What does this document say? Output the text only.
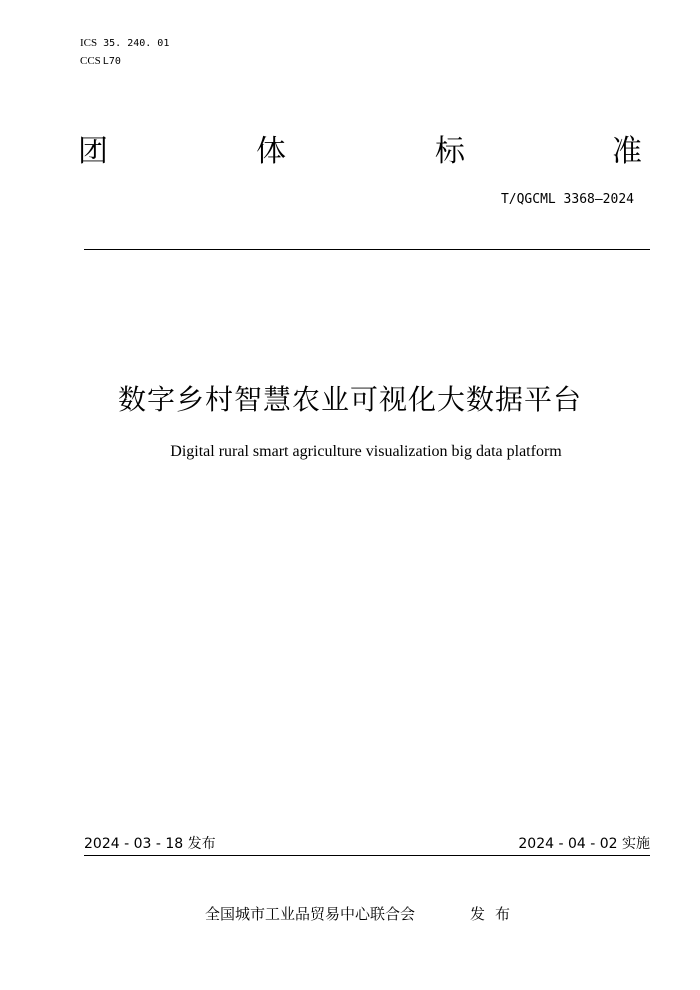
ICS 35. 240. 01
CCS L70
团	体	标	准
T/QGCML 3368—2024
数字乡村智慧农业可视化大数据平台
Digital rural smart agriculture visualization big data platform
2024 - 03 - 18 发布	2024 - 04 - 02 实施
全国城市工业品贸易中心联合会	发布
